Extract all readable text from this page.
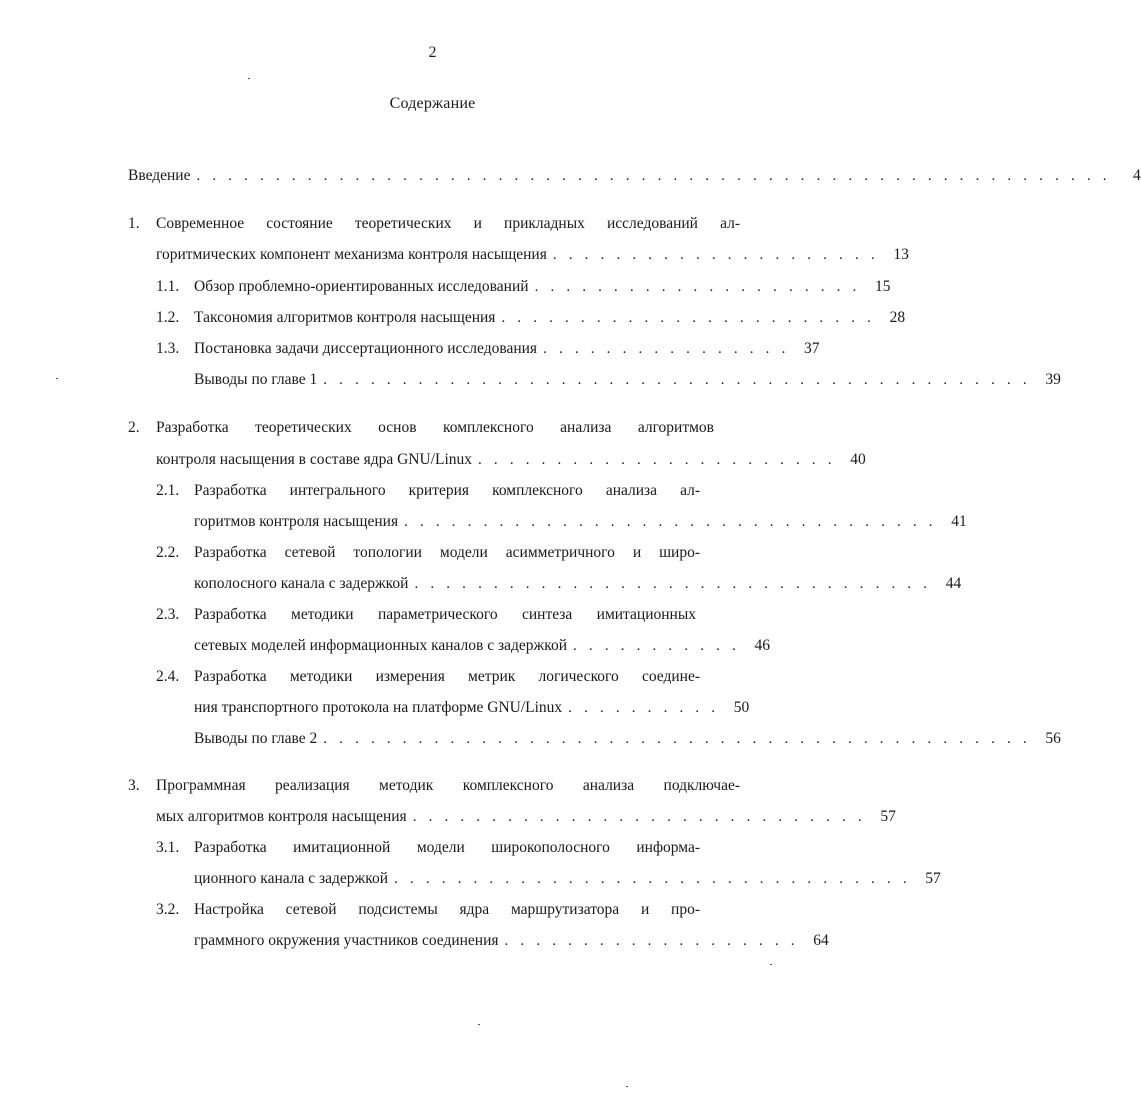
2
Содержание
Введение . . . . . . . . . . . . . . . . . . . . . . . . . . . . . . . . . . . . . . . . . . . . . . . . . . . . . . . . . .	4
1.	Современное состояние теоретических и прикладных исследований ал-
горитмических компонент механизма контроля насыщения . . . . . . . . . . . . . . . . . . . . . 13
1.1. Обзор проблемно-ориентированных исследований . . . . . . . . . . . . . . . . . . . . . 15
1.2. Таксономия алгоритмов контроля насыщения . . . . . . . . . . . . . . . . . . . . . . . . 28
1.3. Постановка задачи диссертационного исследования . . . . . . . . . . . . . . . . 37
Выводы по главе 1 . . . . . . . . . . . . . . . . . . . . . . . . . . . . . . . . . . . . . . . . . . . . . 39
2.	Разработка теоретических основ комплексного анализа алгоритмов
контроля насыщения в составе ядра GNU/Linux . . . . . . . . . . . . . . . . . . . . . . . 40
2.1. Разработка интегрального критерия комплексного анализа ал-
горитмов контроля насыщения . . . . . . . . . . . . . . . . . . . . . . . . . . . . . . . . . . 41
2.2. Разработка сетевой топологии модели асимметричного и широ-
кополосного канала с задержкой . . . . . . . . . . . . . . . . . . . . . . . . . . . . . . . . . 44
2.3. Разработка методики параметрического синтеза имитационных
сетевых моделей информационных каналов с задержкой . . . . . . . . . . . 46
2.4. Разработка методики измерения метрик логического соедине-
ния транспортного протокола на платформе GNU/Linux . . . . . . . . . . 50
Выводы по главе 2 . . . . . . . . . . . . . . . . . . . . . . . . . . . . . . . . . . . . . . . . . . . . . 56
3.	Программная реализация методик комплексного анализа подключае-
мых алгоритмов контроля насыщения . . . . . . . . . . . . . . . . . . . . . . . . . . . . . 57
3.1. Разработка имитационной модели широкополосного информа-
ционного канала с задержкой . . . . . . . . . . . . . . . . . . . . . . . . . . . . . . . . . 57
3.2. Настройка сетевой подсистемы ядра маршрутизатора и про-
граммного окружения участников соединения . . . . . . . . . . . . . . . . . . . 64
